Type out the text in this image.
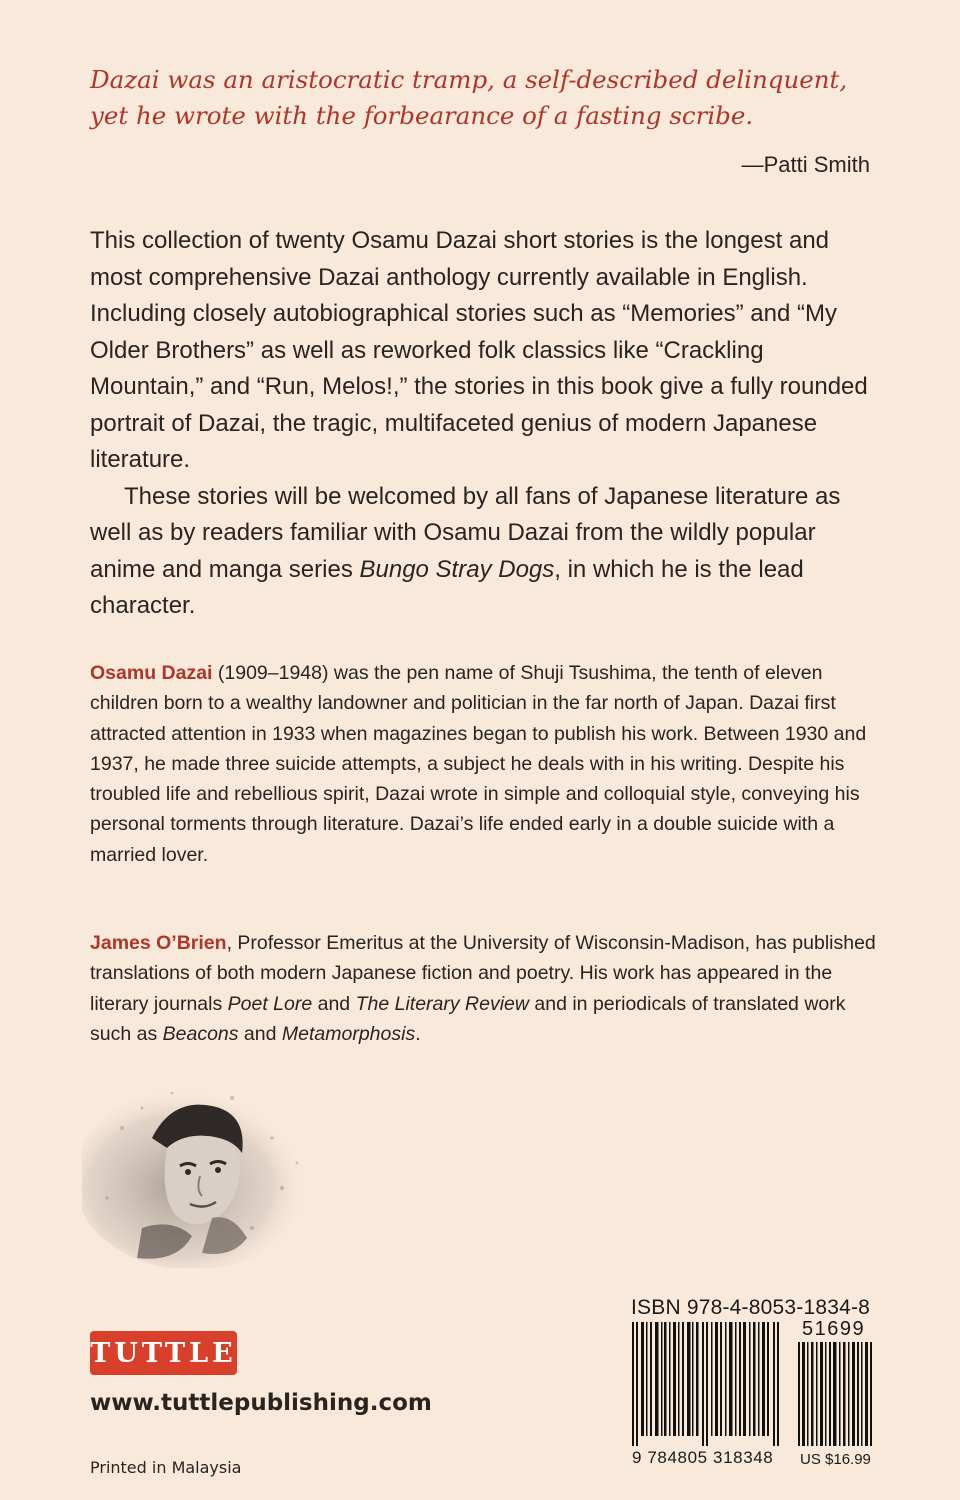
Dazai was an aristocratic tramp, a self-described delinquent, yet he wrote with the forbearance of a fasting scribe.

—Patti Smith

This collection of twenty Osamu Dazai short stories is the longest and most comprehensive Dazai anthology currently available in English. Including closely autobiographical stories such as “Memories” and “My Older Brothers” as well as reworked folk classics like “Crackling Mountain,” and “Run, Melos!,” the stories in this book give a fully rounded portrait of Dazai, the tragic, multifaceted genius of modern Japanese literature.

These stories will be welcomed by all fans of Japanese literature as well as by readers familiar with Osamu Dazai from the wildly popular anime and manga series Bungo Stray Dogs, in which he is the lead character.

Osamu Dazai (1909–1948) was the pen name of Shuji Tsushima, the tenth of eleven children born to a wealthy landowner and politician in the far north of Japan. Dazai first attracted attention in 1933 when magazines began to publish his work. Between 1930 and 1937, he made three suicide attempts, a subject he deals with in his writing. Despite his troubled life and rebellious spirit, Dazai wrote in simple and colloquial style, conveying his personal torments through literature. Dazai’s life ended early in a double suicide with a married lover.

James O’Brien, Professor Emeritus at the University of Wisconsin-Madison, has published translations of both modern Japanese fiction and poetry. His work has appeared in the literary journals Poet Lore and The Literary Review and in periodicals of translated work such as Beacons and Metamorphosis.

TUTTLE

www.tuttlepublishing.com

Printed in Malaysia

ISBN 978-4-8053-1834-8

51699

9 784805 318348 US $16.99
